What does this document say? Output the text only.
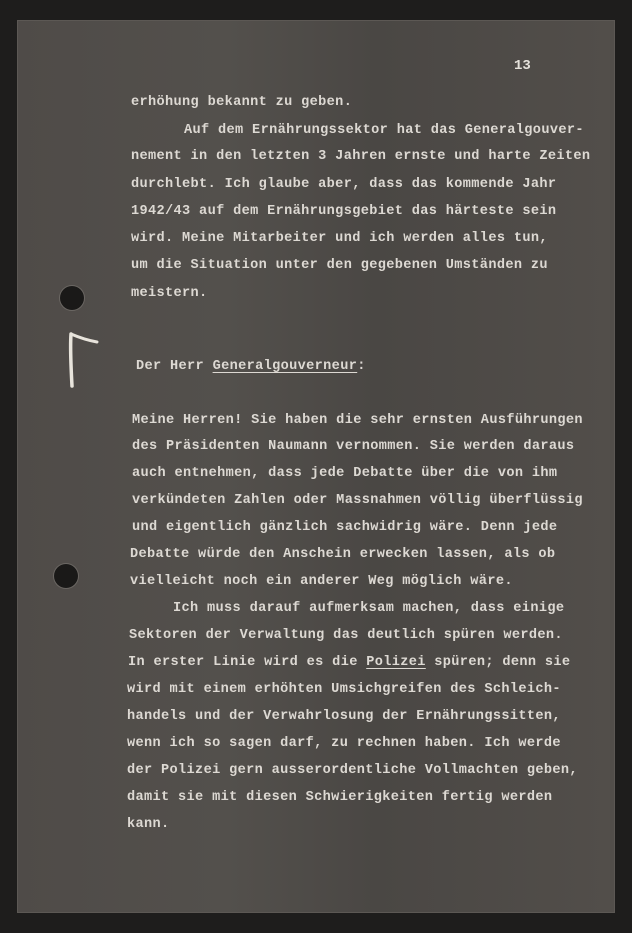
13
erhöhung bekannt zu geben.
Auf dem Ernährungssektor hat das Generalgouver-
nement in den letzten 3 Jahren ernste und harte Zeiten
durchlebt. Ich glaube aber, dass das kommende Jahr
1942/43 auf dem Ernährungsgebiet das härteste sein
wird. Meine Mitarbeiter und ich werden alles tun,
um die Situation unter den gegebenen Umständen zu
meistern.
Der Herr Generalgouverneur:
Meine Herren! Sie haben die sehr ernsten Ausführungen
des Präsidenten Naumann vernommen. Sie werden daraus
auch entnehmen, dass jede Debatte über die von ihm
verkündeten Zahlen oder Massnahmen völlig überflüssig
und eigentlich gänzlich sachwidrig wäre. Denn jede
Debatte würde den Anschein erwecken lassen, als ob
vielleicht noch ein anderer Weg möglich wäre.
Ich muss darauf aufmerksam machen, dass einige
Sektoren der Verwaltung das deutlich spüren werden.
In erster Linie wird es die Polizei spüren; denn sie
wird mit einem erhöhten Umsichgreifen des Schleich-
handels und der Verwahrlosung der Ernährungssitten,
wenn ich so sagen darf, zu rechnen haben. Ich werde
der Polizei gern ausserordentliche Vollmachten geben,
damit sie mit diesen Schwierigkeiten fertig werden
kann.
